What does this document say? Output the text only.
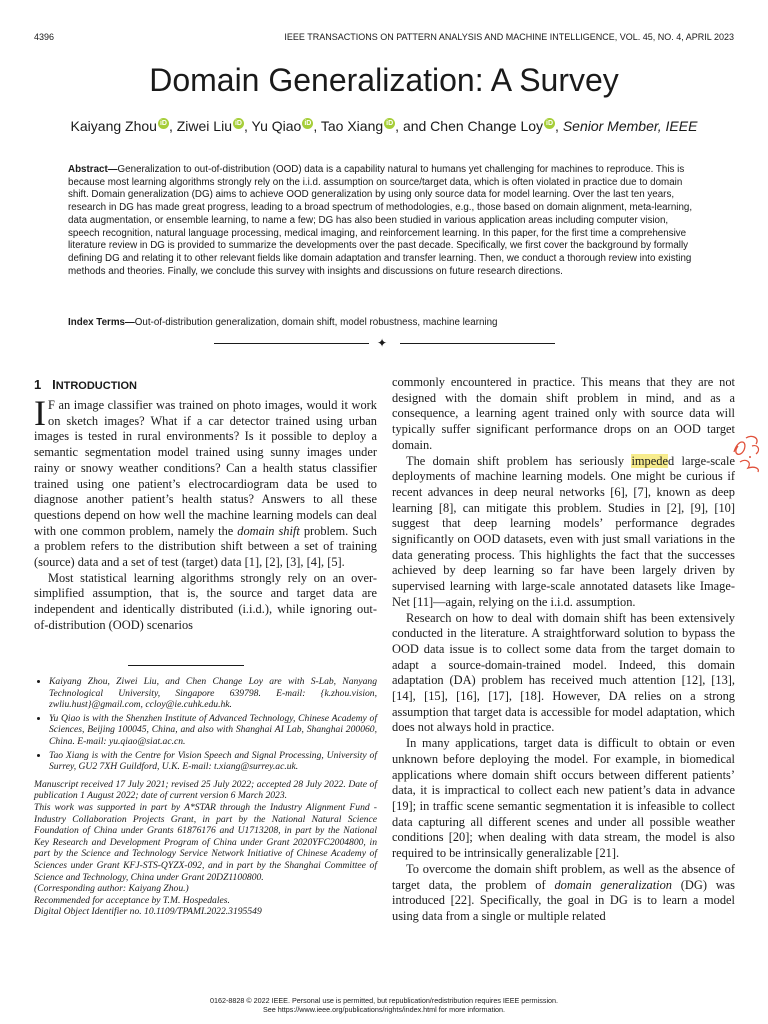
4396	IEEE TRANSACTIONS ON PATTERN ANALYSIS AND MACHINE INTELLIGENCE, VOL. 45, NO. 4, APRIL 2023
Domain Generalization: A Survey
Kaiyang Zhou iD , Ziwei Liu iD , Yu Qiao iD , Tao Xiang iD , and Chen Change Loy iD , Senior Member, IEEE
Abstract—Generalization to out-of-distribution (OOD) data is a capability natural to humans yet challenging for machines to reproduce. This is because most learning algorithms strongly rely on the i.i.d. assumption on source/target data, which is often violated in practice due to domain shift. Domain generalization (DG) aims to achieve OOD generalization by using only source data for model learning. Over the last ten years, research in DG has made great progress, leading to a broad spectrum of methodologies, e.g., those based on domain alignment, meta-learning, data augmentation, or ensemble learning, to name a few; DG has also been studied in various application areas including computer vision, speech recognition, natural language processing, medical imaging, and reinforcement learning. In this paper, for the first time a comprehensive literature review in DG is provided to summarize the developments over the past decade. Specifically, we first cover the background by formally defining DG and relating it to other relevant fields like domain adaptation and transfer learning. Then, we conduct a thorough review into existing methods and theories. Finally, we conclude this survey with insights and discussions on future research directions.
Index Terms—Out-of-distribution generalization, domain shift, model robustness, machine learning
✦
1 INTRODUCTION

I F an image classifier was trained on photo images, would it work on sketch images? What if a car detector trained using urban images is tested in rural environments? Is it possible to deploy a semantic segmentation model trained using sunny images under rainy or snowy weather conditions? Can a health status classifier trained using one patient’s electrocardiogram data be used to diagnose another patient’s health status? Answers to all these questions depend on how well the machine learning models can deal with one common problem, namely the domain shift problem. Such a problem refers to the distribution shift between a set of training (source) data and a set of test (target) data [1], [2], [3], [4], [5].

Most statistical learning algorithms strongly rely on an over-simplified assumption, that is, the source and target data are independent and identically distributed (i.i.d.), while ignoring out-of-distribution (OOD) scenarios

• Kaiyang Zhou, Ziwei Liu, and Chen Change Loy are with S-Lab, Nanyang Technological University, Singapore 639798. E-mail: {k.zhou.vision, zwliu.hust}@gmail.com, ccloy@ie.cuhk.edu.hk.
• Yu Qiao is with the Shenzhen Institute of Advanced Technology, Chinese Academy of Sciences, Beijing 100045, China, and also with Shanghai AI Lab, Shanghai 200060, China. E-mail: yu.qiao@siat.ac.cn.
• Tao Xiang is with the Centre for Vision Speech and Signal Processing, University of Surrey, GU2 7XH Guildford, U.K. E-mail: t.xiang@surrey.ac.uk.
Manuscript received 17 July 2021; revised 25 July 2022; accepted 28 July 2022. Date of publication 1 August 2022; date of current version 6 March 2023.
This work was supported in part by A*STAR through the Industry Alignment Fund - Industry Collaboration Projects Grant, in part by the National Natural Science Foundation of China under Grants 61876176 and U1713208, in part by the National Key Research and Development Program of China under Grant 2020YFC2004800, in part by the Science and Technology Service Network Initiative of Chinese Academy of Sciences under Grant KFJ-STS-QYZX-092, and in part by the Shanghai Committee of Science and Technology, China under Grant 20DZ1100800.
(Corresponding author: Kaiyang Zhou.)
Recommended for acceptance by T.M. Hospedales.
Digital Object Identifier no. 10.1109/TPAMI.2022.3195549

commonly encountered in practice. This means that they are not designed with the domain shift problem in mind, and as a consequence, a learning agent trained only with source data will typically suffer significant performance drops on an OOD target domain.

The domain shift problem has seriously impeded large-scale deployments of machine learning models. One might be curious if recent advances in deep neural networks [6], [7], known as deep learning [8], can mitigate this problem. Studies in [2], [9], [10] suggest that deep learning models’ performance degrades significantly on OOD datasets, even with just small variations in the data generating process. This highlights the fact that the successes achieved by deep learning so far have been largely driven by supervised learning with large-scale annotated datasets like Image-Net [11]—again, relying on the i.i.d. assumption.

Research on how to deal with domain shift has been extensively conducted in the literature. A straightforward solution to bypass the OOD data issue is to collect some data from the target domain to adapt a source-domain-trained model. Indeed, this domain adaptation (DA) problem has received much attention [12], [13], [14], [15], [16], [17], [18]. However, DA relies on a strong assumption that target data is accessible for model adaptation, which does not always hold in practice.

In many applications, target data is difficult to obtain or even unknown before deploying the model. For example, in biomedical applications where domain shift occurs between different patients’ data, it is impractical to collect each new patient’s data in advance [19]; in traffic scene semantic segmentation it is infeasible to collect data capturing all different scenes and under all possible weather conditions [20]; when dealing with data stream, the model is also required to be intrinsically generalizable [21].

To overcome the domain shift problem, as well as the absence of target data, the problem of domain generalization (DG) was introduced [22]. Specifically, the goal in DG is to learn a model using data from a single or multiple related

0162-8828 © 2022 IEEE. Personal use is permitted, but republication/redistribution requires IEEE permission.
See https://www.ieee.org/publications/rights/index.html for more information.
